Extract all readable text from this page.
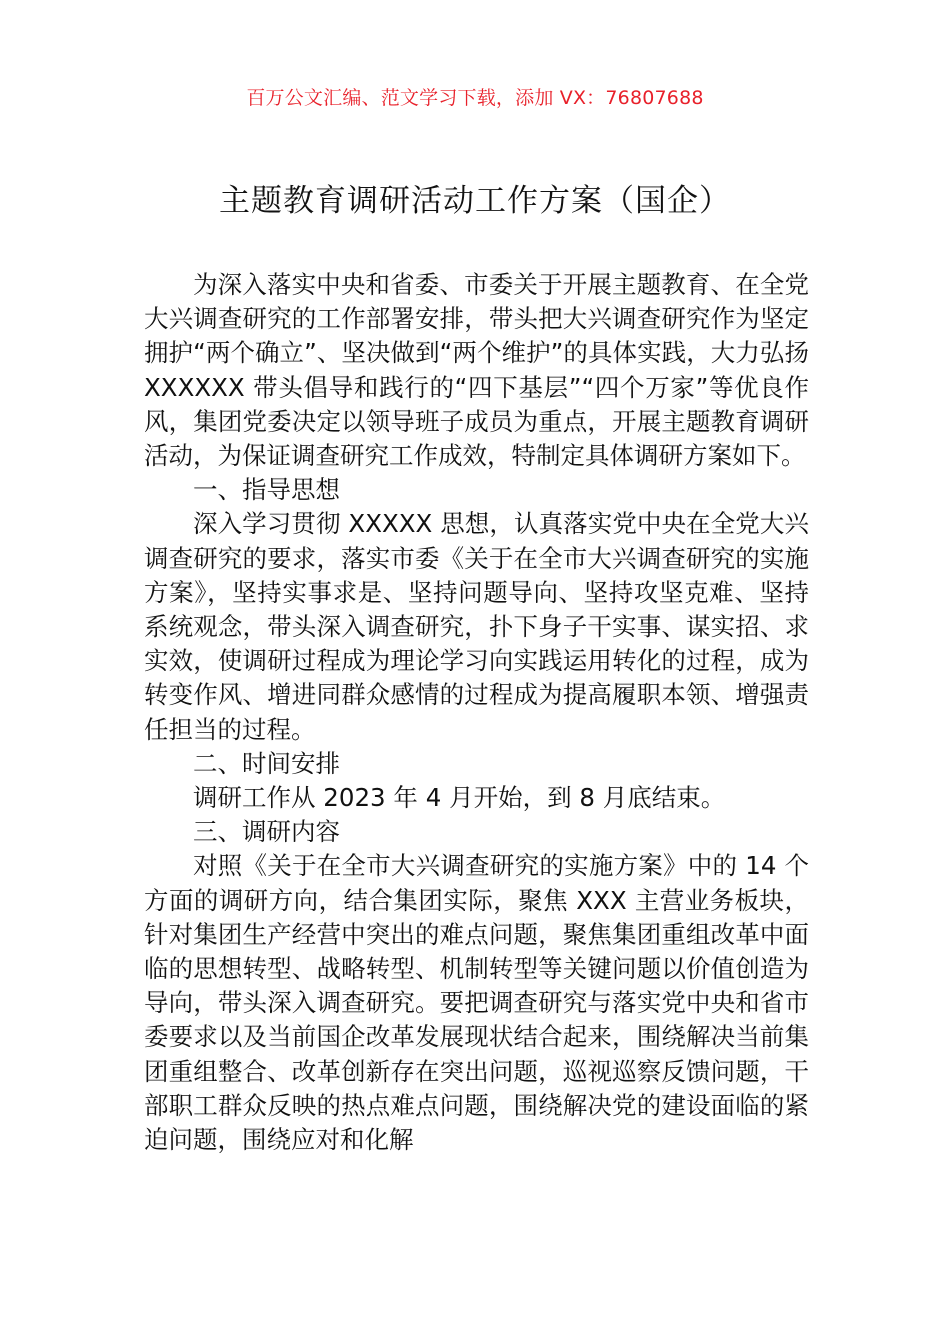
百万公文汇编、范文学习下载，添加 VX：76807688
主题教育调研活动工作方案（国企）

为深入落实中央和省委、市委关于开展主题教育、在全党大兴调查研究的工作部署安排，带头把大兴调查研究作为坚定拥护“两个确立”、坚决做到“两个维护”的具体实践，大力弘扬 XXXXXX 带头倡导和践行的“四下基层”“四个万家”等优良作风，集团党委决定以领导班子成员为重点，开展主题教育调研活动，为保证调查研究工作成效，特制定具体调研方案如下。

一、指导思想

深入学习贯彻 XXXXX 思想，认真落实党中央在全党大兴调查研究的要求，落实市委《关于在全市大兴调查研究的实施方案》，坚持实事求是、坚持问题导向、坚持攻坚克难、坚持系统观念，带头深入调查研究，扑下身子干实事、谋实招、求实效，使调研过程成为理论学习向实践运用转化的过程，成为转变作风、增进同群众感情的过程成为提高履职本领、增强责任担当的过程。

二、时间安排

调研工作从 2023 年 4 月开始，到 8 月底结束。

三、调研内容

对照《关于在全市大兴调查研究的实施方案》中的 14 个方面的调研方向，结合集团实际，聚焦 XXX 主营业务板块，针对集团生产经营中突出的难点问题，聚焦集团重组改革中面临的思想转型、战略转型、机制转型等关键问题以价值创造为导向，带头深入调查研究。要把调查研究与落实党中央和省市委要求以及当前国企改革发展现状结合起来，围绕解决当前集团重组整合、改革创新存在突出问题，巡视巡察反馈问题，干部职工群众反映的热点难点问题，围绕解决党的建设面临的紧迫问题，围绕应对和化解
